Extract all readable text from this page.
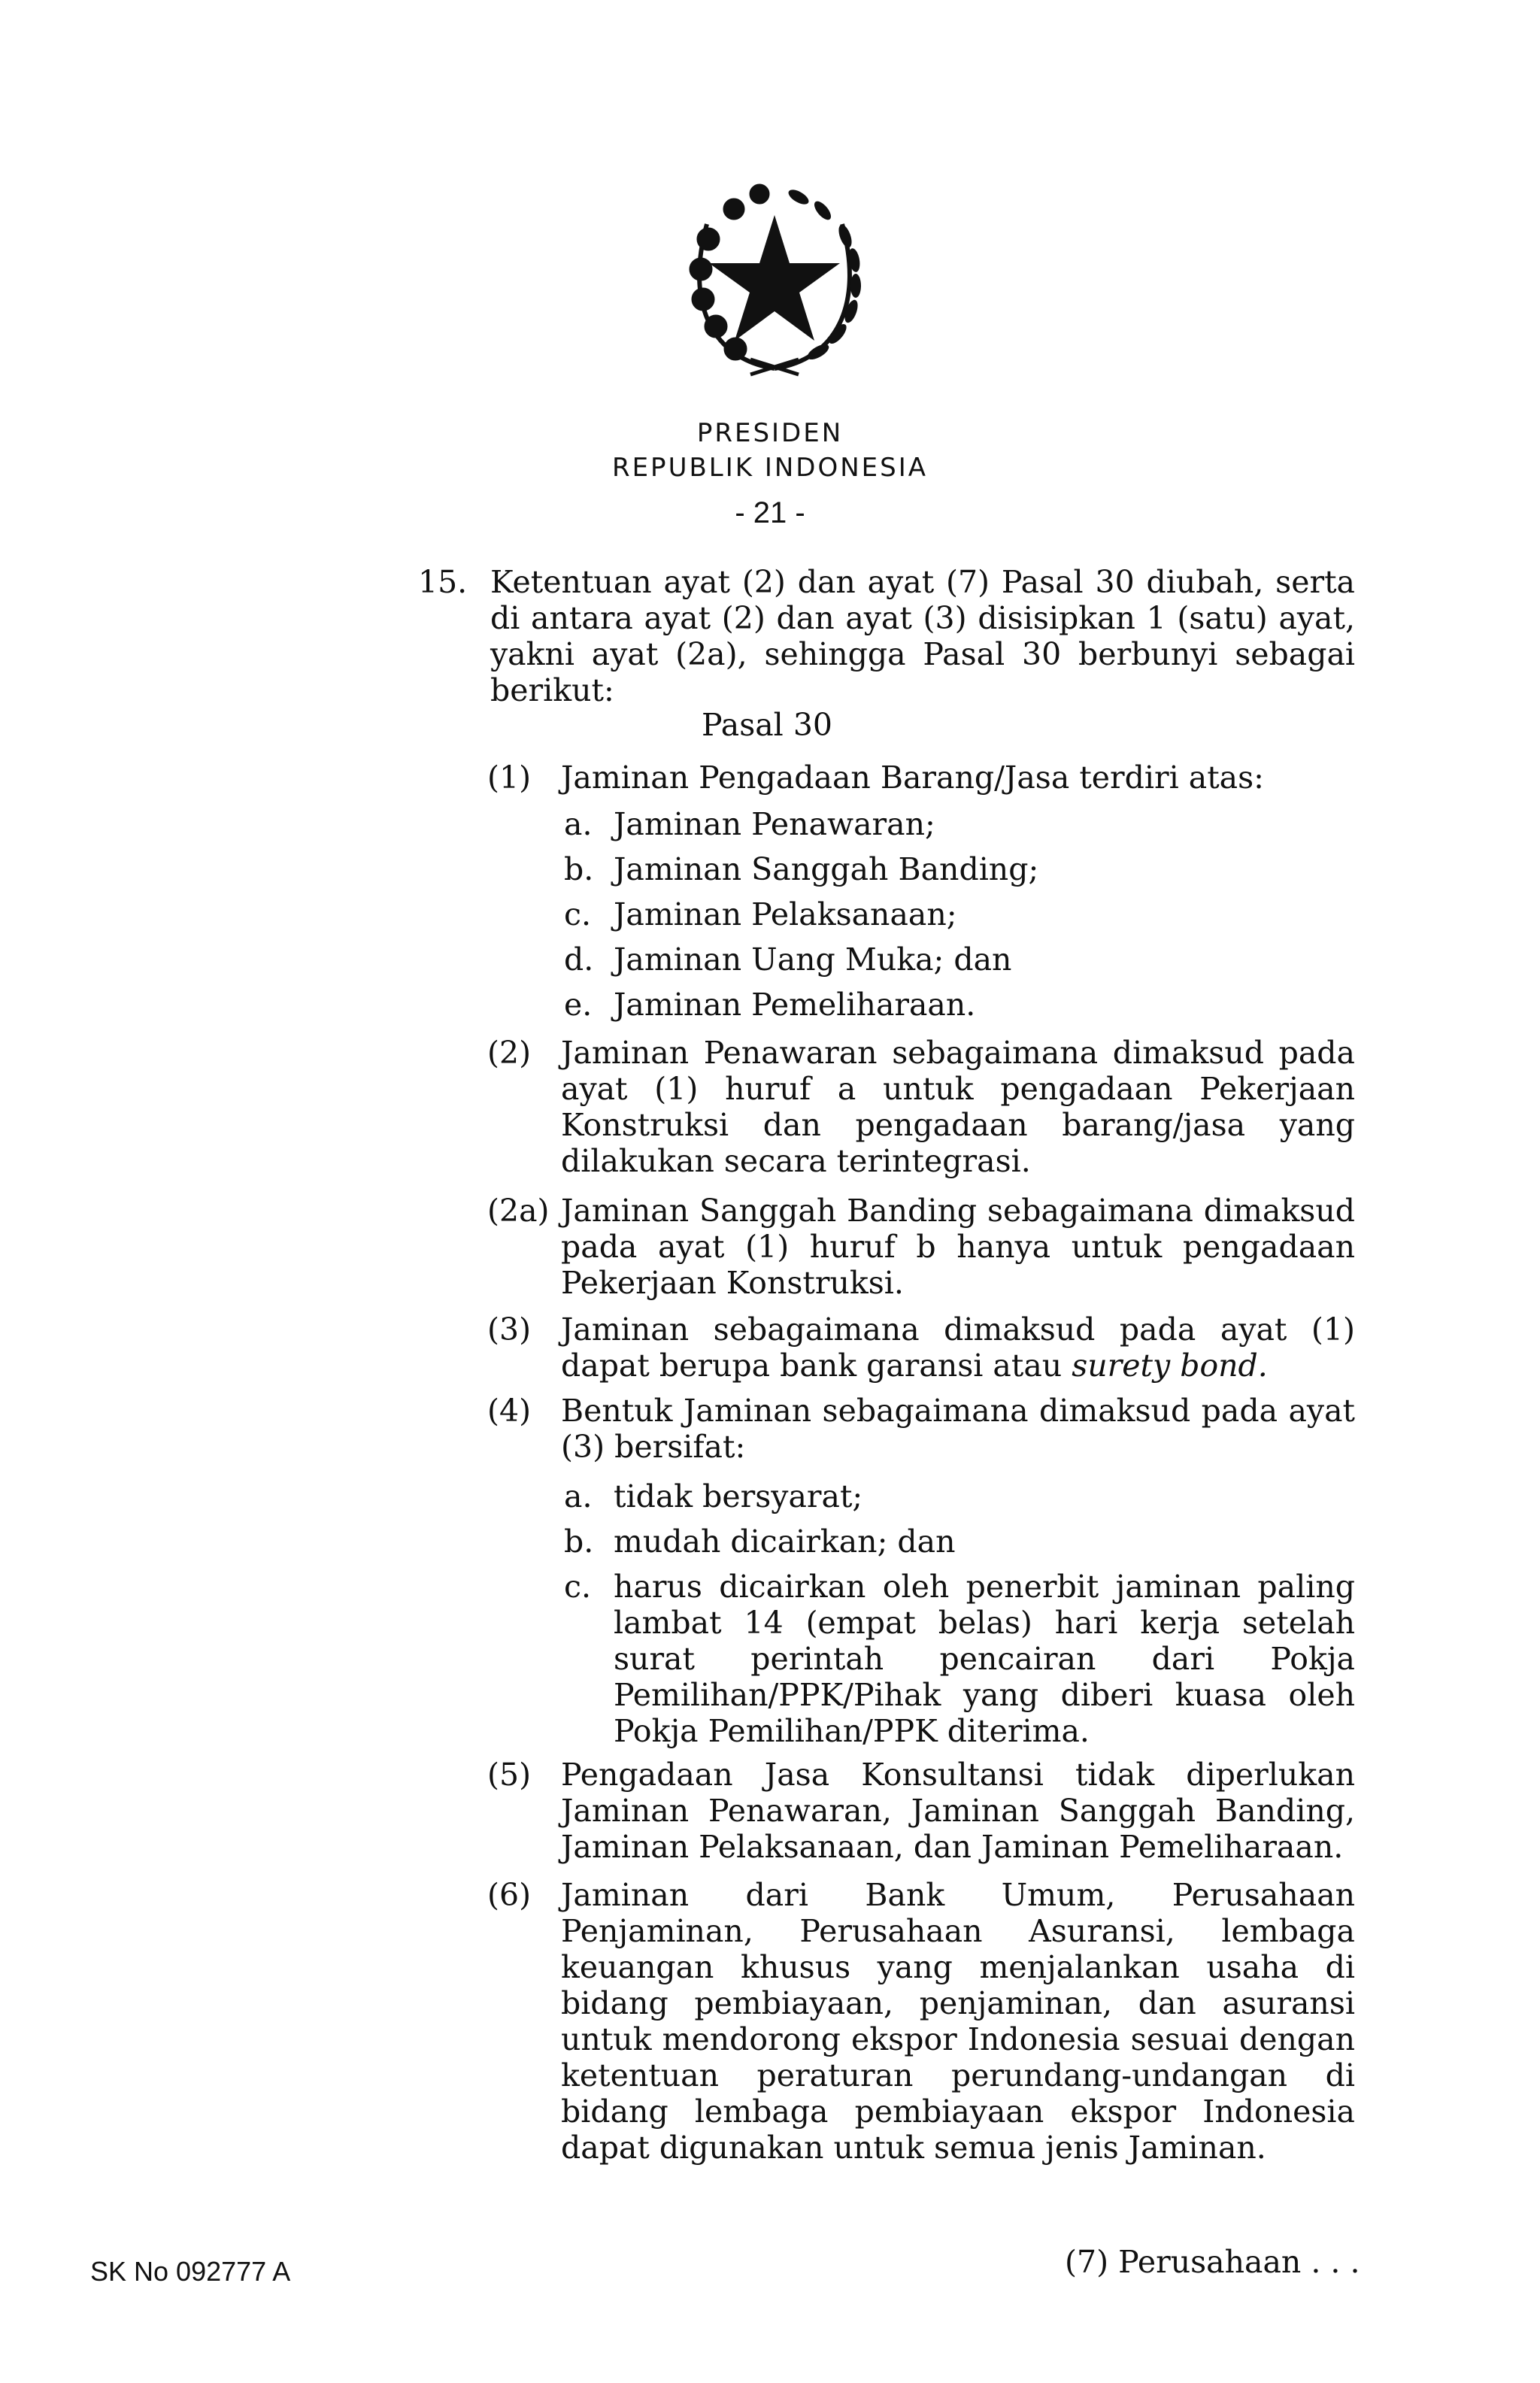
PRESIDEN
REPUBLIK INDONESIA
- 21 -
15. Ketentuan ayat (2) dan ayat (7) Pasal 30 diubah, serta di antara ayat (2) dan ayat (3) disisipkan 1 (satu) ayat, yakni ayat (2a), sehingga Pasal 30 berbunyi sebagai berikut:
Pasal 30
(1) Jaminan Pengadaan Barang/Jasa terdiri atas:
a. Jaminan Penawaran;
b. Jaminan Sanggah Banding;
c. Jaminan Pelaksanaan;
d. Jaminan Uang Muka; dan
e. Jaminan Pemeliharaan.
(2) Jaminan Penawaran sebagaimana dimaksud pada ayat (1) huruf a untuk pengadaan Pekerjaan Konstruksi dan pengadaan barang/jasa yang dilakukan secara terintegrasi.
(2a) Jaminan Sanggah Banding sebagaimana dimaksud pada ayat (1) huruf b hanya untuk pengadaan Pekerjaan Konstruksi.
(3) Jaminan sebagaimana dimaksud pada ayat (1) dapat berupa bank garansi atau surety bond.
(4) Bentuk Jaminan sebagaimana dimaksud pada ayat (3) bersifat:
a. tidak bersyarat;
b. mudah dicairkan; dan
c. harus dicairkan oleh penerbit jaminan paling lambat 14 (empat belas) hari kerja setelah surat perintah pencairan dari Pokja Pemilihan/PPK/Pihak yang diberi kuasa oleh Pokja Pemilihan/PPK diterima.
(5) Pengadaan Jasa Konsultansi tidak diperlukan Jaminan Penawaran, Jaminan Sanggah Banding, Jaminan Pelaksanaan, dan Jaminan Pemeliharaan.
(6) Jaminan dari Bank Umum, Perusahaan Penjaminan, Perusahaan Asuransi, lembaga keuangan khusus yang menjalankan usaha di bidang pembiayaan, penjaminan, dan asuransi untuk mendorong ekspor Indonesia sesuai dengan ketentuan peraturan perundang-undangan di bidang lembaga pembiayaan ekspor Indonesia dapat digunakan untuk semua jenis Jaminan.
(7) Perusahaan . . .
SK No 092777 A
